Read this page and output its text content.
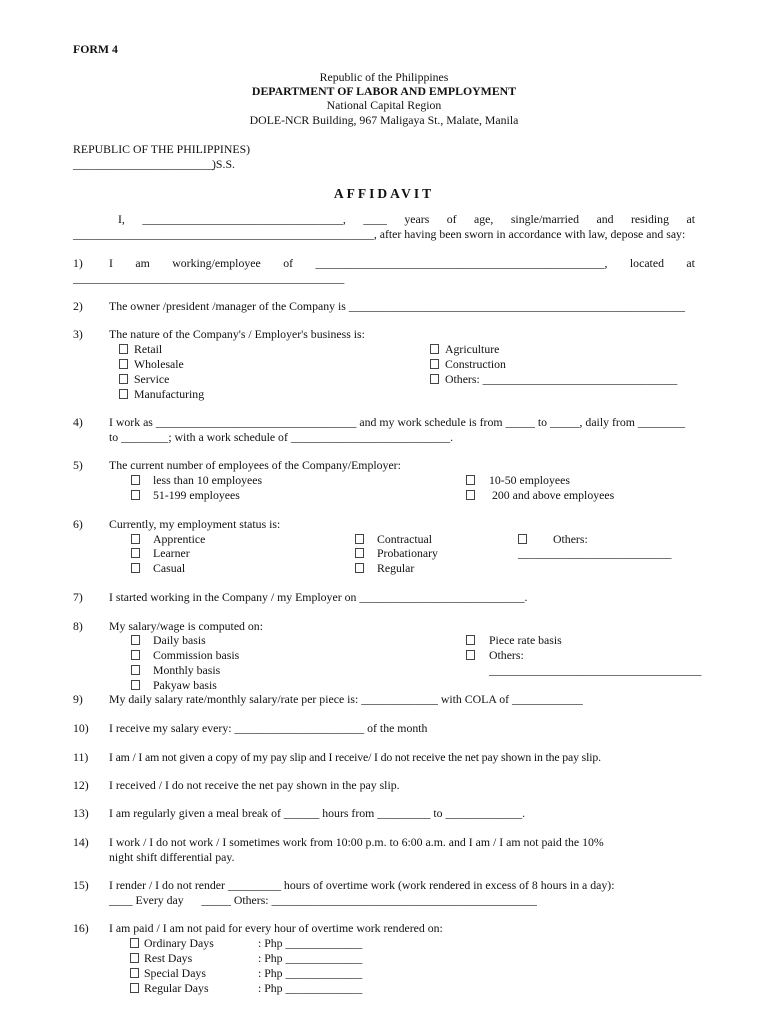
FORM 4
Republic of the Philippines
DEPARTMENT OF LABOR AND EMPLOYMENT
National Capital Region
DOLE-NCR Building, 967 Maligaya St., Malate, Manila
REPUBLIC OF THE PHILIPPINES)
________________________
)S.S.
AFFIDAVIT
I, __________________________________, ____ years of age, single/married and residing at
___________________________________________________, after having been sworn in accordance with law, depose and say:
1) I am working/employee of _________________________________________________, located at
______________________________________________
2) The owner /president /manager of the Company is _________________________________________________________
3) The nature of the Company's / Employer's business is:
Retail
Wholesale
Service
Manufacturing
Agriculture
Construction
Others: _________________________________
4) I work as __________________________________ and my work schedule is from _____ to _____, daily from ________
to ________; with a work schedule of ___________________________.
5) The current number of employees of the Company/Employer:
less than 10 employees
51-199 employees
10-50 employees
200 and above employees
6) Currently, my employment status is:
Apprentice
Learner
Casual
Contractual
Probationary
Regular
Others:
__________________________
7) I started working in the Company / my Employer on ____________________________.
8) My salary/wage is computed on:
Daily basis
Commission basis
Monthly basis
Pakyaw basis
Piece rate basis
Others:
____________________________________
9) My daily salary rate/monthly salary/rate per piece is: _____________ with COLA of ____________
10) I receive my salary every: ______________________ of the month
11) I am / I am not given a copy of my pay slip and I receive/ I do not receive the net pay shown in the pay slip.
12) I received / I do not receive the net pay shown in the pay slip.
13) I am regularly given a meal break of ______ hours from _________ to _____________.
14) I work / I do not work / I sometimes work from 10:00 p.m. to 6:00 a.m. and I am / I am not paid the 10%
night shift differential pay.
15) I render / I do not render _________ hours of overtime work (work rendered in excess of 8 hours in a day):
____ Every day      _____ Others: _____________________________________________
16) I am paid / I am not paid for every hour of overtime work rendered on:
Ordinary Days
Rest Days
Special Days
Regular Days
: Php _____________
: Php _____________
: Php _____________
: Php _____________
